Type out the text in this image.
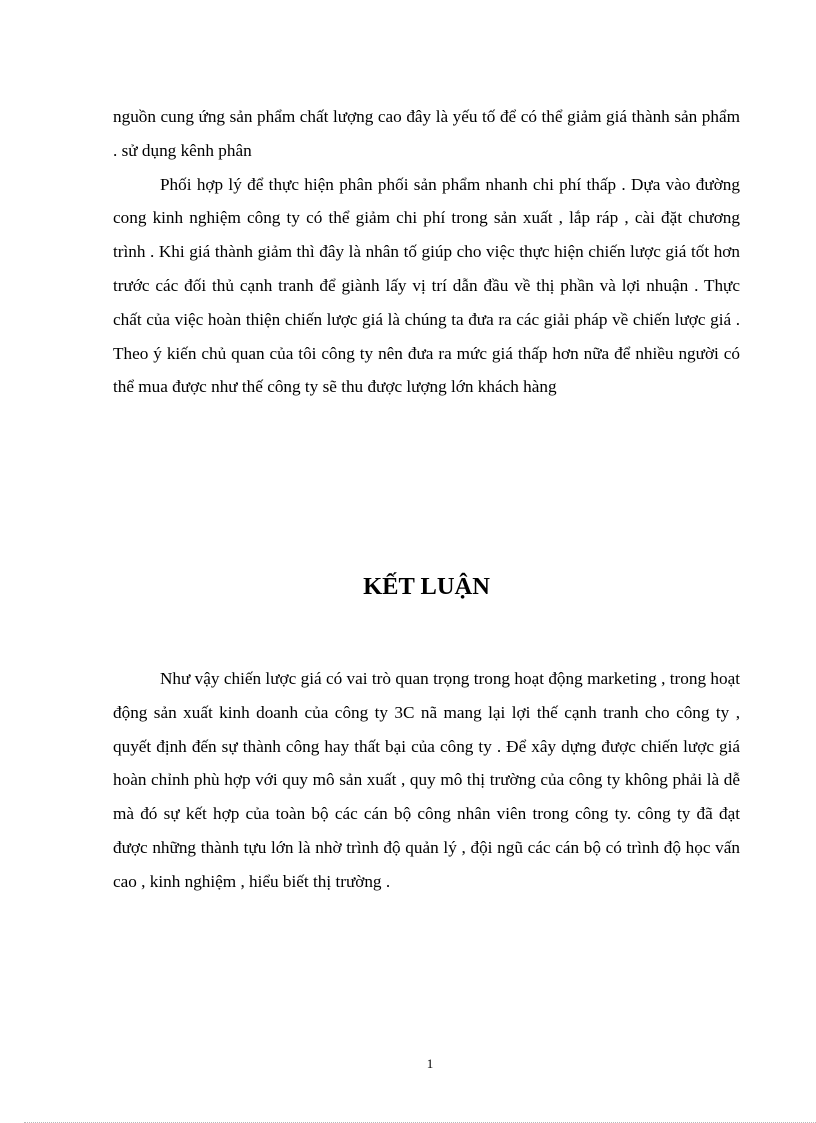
nguồn cung ứng sản phẩm chất lượng cao đây là yếu tố để có thể giảm giá thành sản phẩm . sử dụng kênh phân

Phối hợp lý để thực hiện phân phối sản phẩm nhanh chi phí thấp . Dựa vào đường cong kinh nghiệm công ty có thể giảm chi phí trong sản xuất , lắp ráp , cài đặt chương trình . Khi giá thành giảm thì đây là nhân tố giúp cho việc thực hiện chiến lược giá tốt hơn trước các đối thủ cạnh tranh để giành lấy vị trí dẫn đầu về thị phần và lợi nhuận . Thực chất của việc hoàn thiện chiến lược giá là chúng ta đưa ra các giải pháp về chiến lược giá . Theo ý kiến chủ quan của tôi công ty nên đưa ra mức giá thấp hơn nữa để nhiều người có thể mua được như thế công ty sẽ thu được lượng lớn khách hàng

KẾT LUẬN

Như vậy chiến lược giá có vai trò quan trọng trong hoạt động marketing , trong hoạt động sản xuất kinh doanh của công ty 3C nã mang lại lợi thế cạnh tranh cho công ty , quyết định đến sự thành công hay thất bại của công ty . Để xây dựng được chiến lược giá hoàn chỉnh phù hợp với quy mô sản xuất , quy mô thị trường của công ty không phải là dễ mà đó sự kết hợp của toàn bộ các cán bộ công nhân viên trong công ty. công ty đã đạt được những thành tựu lớn là nhờ trình độ quản lý , đội ngũ các cán bộ có trình độ học vấn cao , kinh nghiệm , hiểu biết thị trường .

1
